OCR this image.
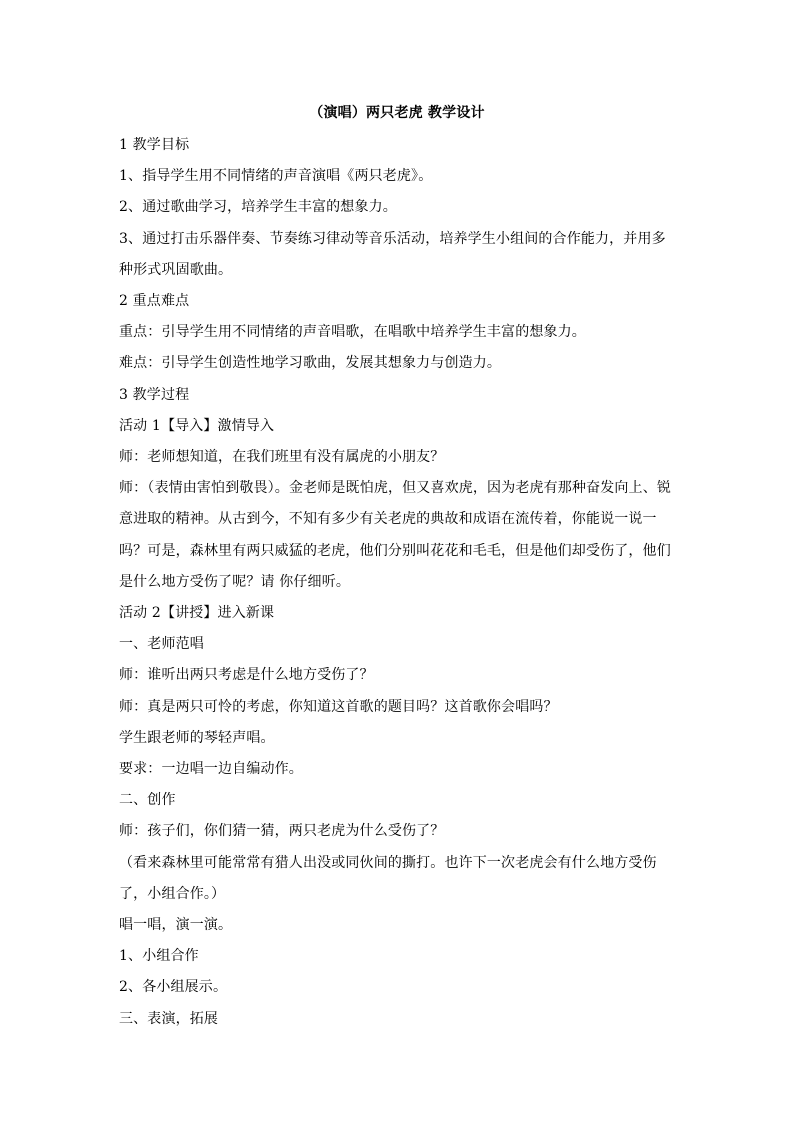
（演唱）两只老虎 教学设计

1 教学目标

1、指导学生用不同情绪的声音演唱《两只老虎》。

2、通过歌曲学习，培养学生丰富的想象力。

3、通过打击乐器伴奏、节奏练习律动等音乐活动，培养学生小组间的合作能力，并用多种形式巩固歌曲。

2 重点难点

重点：引导学生用不同情绪的声音唱歌，在唱歌中培养学生丰富的想象力。

难点：引导学生创造性地学习歌曲，发展其想象力与创造力。

3 教学过程

活动 1【导入】激情导入

师：老师想知道，在我们班里有没有属虎的小朋友？

师：（表情由害怕到敬畏）。金老师是既怕虎，但又喜欢虎，因为老虎有那种奋发向上、锐意进取的精神。从古到今，不知有多少有关老虎的典故和成语在流传着，你能说一说一吗？可是，森林里有两只威猛的老虎，他们分别叫花花和毛毛，但是他们却受伤了，他们是什么地方受伤了呢？请 你仔细听。

活动 2【讲授】进入新课

一、老师范唱

师：谁听出两只考虑是什么地方受伤了？

师：真是两只可怜的考虑，你知道这首歌的题目吗？这首歌你会唱吗？

学生跟老师的琴轻声唱。

要求：一边唱一边自编动作。

二、创作

师：孩子们，你们猜一猜，两只老虎为什么受伤了？

（看来森林里可能常常有猎人出没或同伙间的撕打。也许下一次老虎会有什么地方受伤了，小组合作。）

唱一唱，演一演。

1、小组合作

2、各小组展示。

三、表演，拓展
